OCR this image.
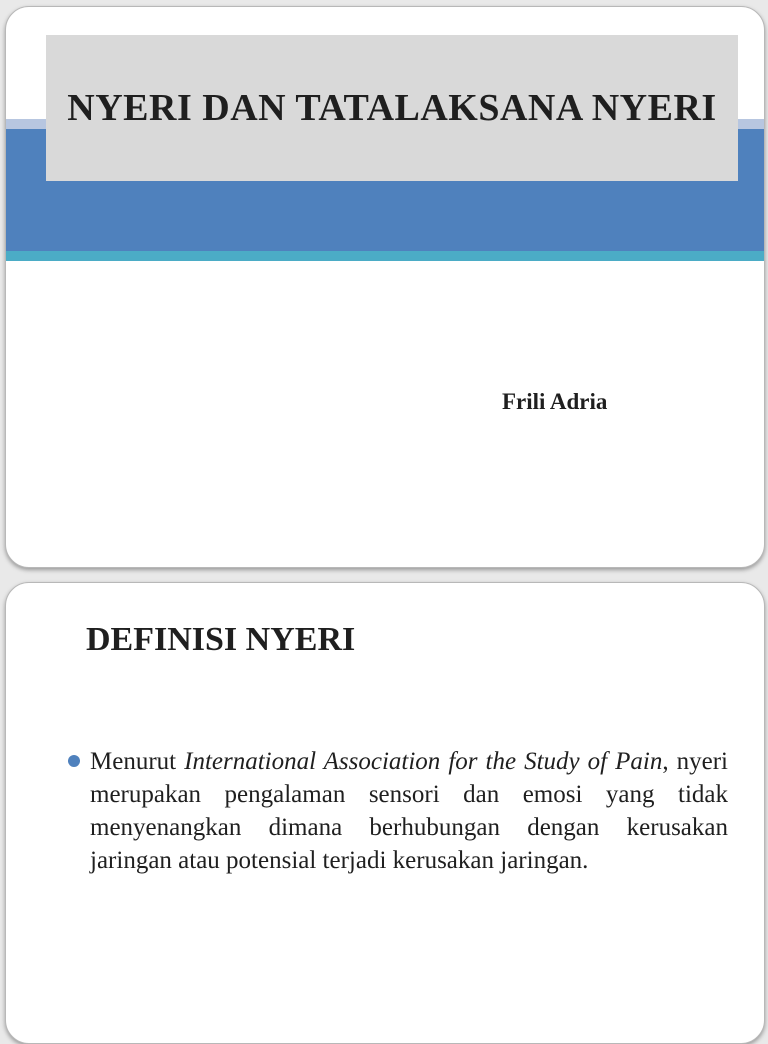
NYERI DAN TATALAKSANA NYERI
Frili Adria
DEFINISI NYERI
Menurut International Association for the Study of Pain, nyeri merupakan pengalaman sensori dan emosi yang tidak menyenangkan dimana berhubungan dengan kerusakan jaringan atau potensial terjadi kerusakan jaringan.
